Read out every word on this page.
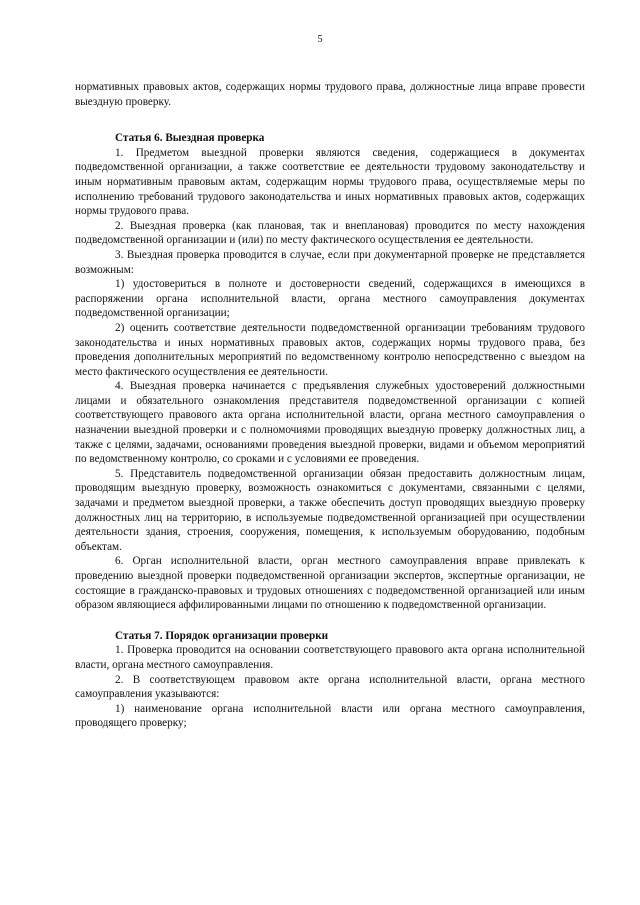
5

нормативных правовых актов, содержащих нормы трудового права, должностные лица вправе провести выездную проверку.

Статья 6. Выездная проверка

1. Предметом выездной проверки являются сведения, содержащиеся в документах подведомственной организации, а также соответствие ее деятельности трудовому законодательству и иным нормативным правовым актам, содержащим нормы трудового права, осуществляемые меры по исполнению требований трудового законодательства и иных нормативных правовых актов, содержащих нормы трудового права.

2. Выездная проверка (как плановая, так и внеплановая) проводится по месту нахождения подведомственной организации и (или) по месту фактического осуществления ее деятельности.

3. Выездная проверка проводится в случае, если при документарной проверке не представляется возможным:

1) удостовериться в полноте и достоверности сведений, содержащихся в имеющихся в распоряжении органа исполнительной власти, органа местного самоуправления документах подведомственной организации;

2) оценить соответствие деятельности подведомственной организации требованиям трудового законодательства и иных нормативных правовых актов, содержащих нормы трудового права, без проведения дополнительных мероприятий по ведомственному контролю непосредственно с выездом на место фактического осуществления ее деятельности.

4. Выездная проверка начинается с предъявления служебных удостоверений должностными лицами и обязательного ознакомления представителя подведомственной организации с копией соответствующего правового акта органа исполнительной власти, органа местного самоуправления о назначении выездной проверки и с полномочиями проводящих выездную проверку должностных лиц, а также с целями, задачами, основаниями проведения выездной проверки, видами и объемом мероприятий по ведомственному контролю, со сроками и с условиями ее проведения.

5. Представитель подведомственной организации обязан предоставить должностным лицам, проводящим выездную проверку, возможность ознакомиться с документами, связанными с целями, задачами и предметом выездной проверки, а также обеспечить доступ проводящих выездную проверку должностных лиц на территорию, в используемые подведомственной организацией при осуществлении деятельности здания, строения, сооружения, помещения, к используемым оборудованию, подобным объектам.

6. Орган исполнительной власти, орган местного самоуправления вправе привлекать к проведению выездной проверки подведомственной организации экспертов, экспертные организации, не состоящие в гражданско-правовых и трудовых отношениях с подведомственной организацией или иным образом являющиеся аффилированными лицами по отношению к подведомственной организации.

Статья 7. Порядок организации проверки

1. Проверка проводится на основании соответствующего правового акта органа исполнительной власти, органа местного самоуправления.

2. В соответствующем правовом акте органа исполнительной власти, органа местного самоуправления указываются:

1) наименование органа исполнительной власти или органа местного самоуправления, проводящего проверку;
